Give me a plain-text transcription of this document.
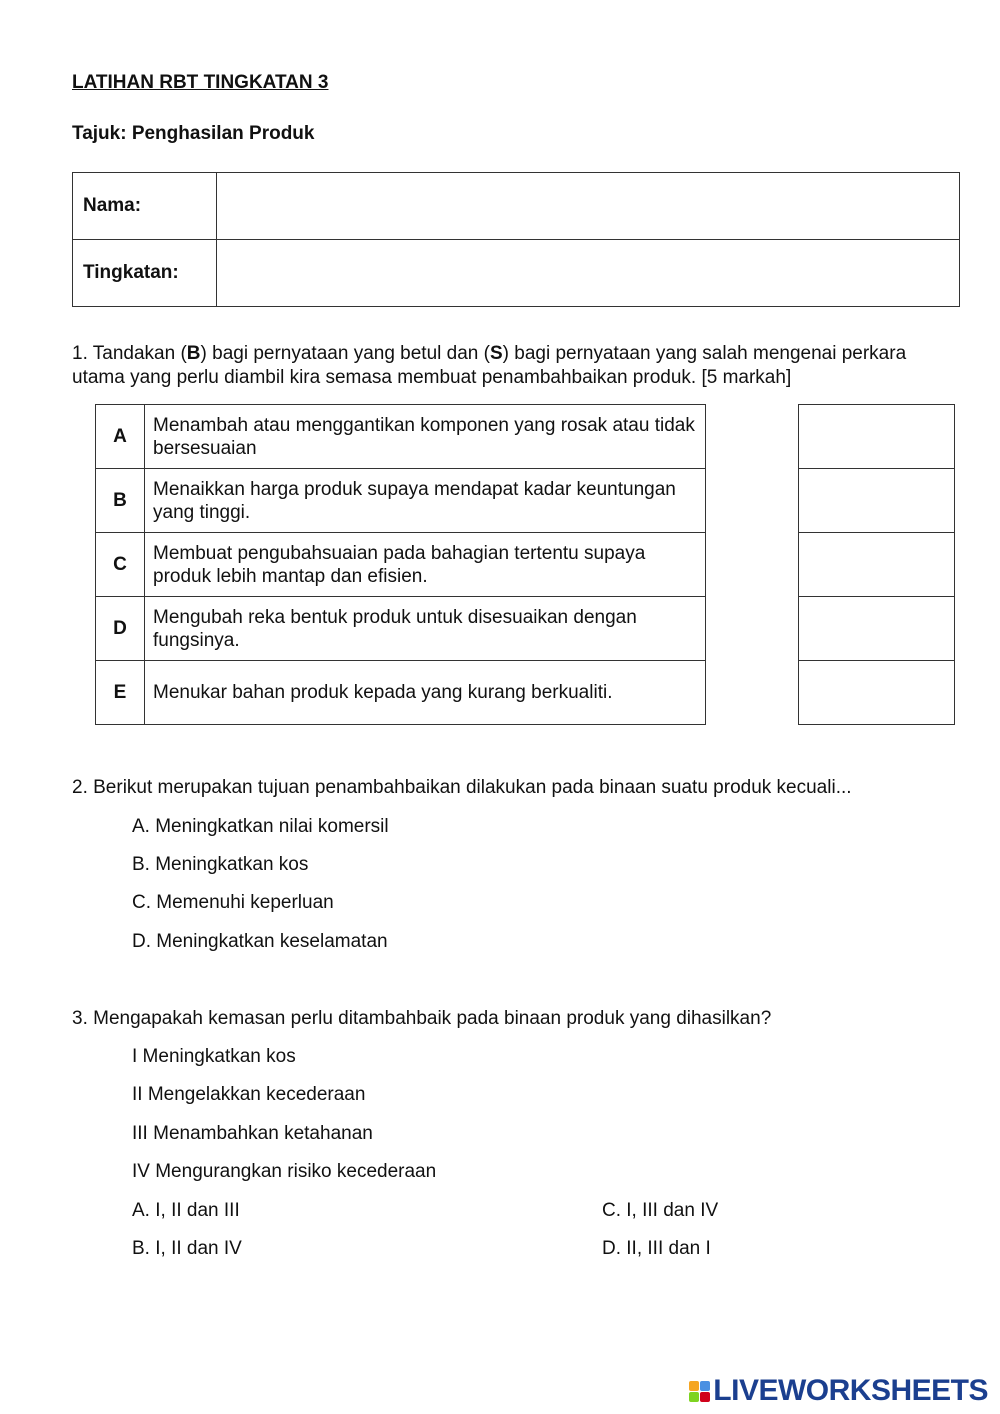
LATIHAN RBT TINGKATAN 3
Tajuk: Penghasilan Produk
Nama:	
Tingkatan:	
1. Tandakan (B) bagi pernyataan yang betul dan (S) bagi pernyataan yang salah mengenai perkara utama yang perlu diambil kira semasa membuat penambahbaikan produk. [5 markah]
A	Menambah atau menggantikan komponen yang rosak atau tidak bersesuaian
B	Menaikkan harga produk supaya mendapat kadar keuntungan yang tinggi.
C	Membuat pengubahsuaian pada bahagian tertentu supaya produk lebih mantap dan efisien.
D	Mengubah reka bentuk produk untuk disesuaikan dengan fungsinya.
E	Menukar bahan produk kepada yang kurang berkualiti.

2. Berikut merupakan tujuan penambahbaikan dilakukan pada binaan suatu produk kecuali...
A. Meningkatkan nilai komersil
B. Meningkatkan kos
C. Memenuhi keperluan
D. Meningkatkan keselamatan
3. Mengapakah kemasan perlu ditambahbaik pada binaan produk yang dihasilkan?
I Meningkatkan kos
II Mengelakkan kecederaan
III Menambahkan ketahanan
IV Mengurangkan risiko kecederaan
A. I, II dan III	C. I, III dan IV
B. I, II dan IV	D. II, III dan I
LIVEWORKSHEETS
